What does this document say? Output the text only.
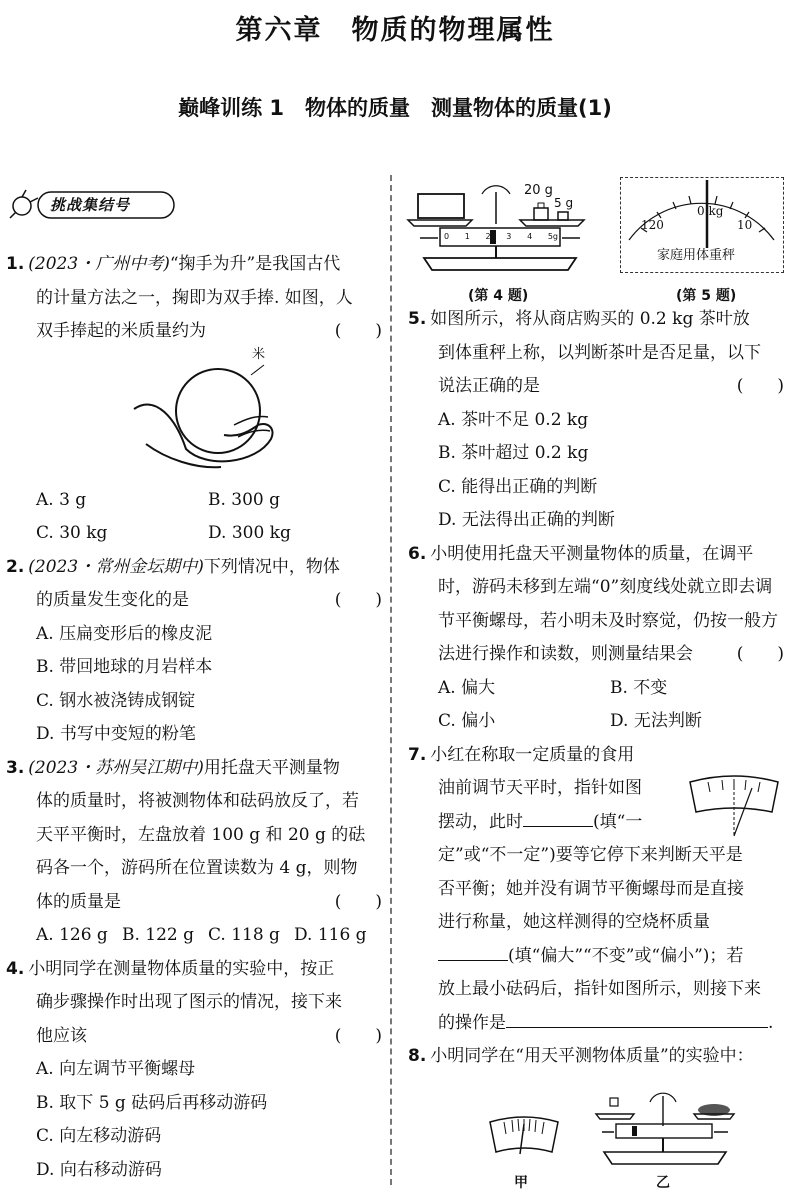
第六章　物质的物理属性
巅峰训练 1　物体的质量　测量物体的质量(1)
挑战集结号

1. (2023・广州中考)“掬手为升”是我国古代

的计量方法之一，掬即为双手捧. 如图，人

双手捧起的米质量约为	(　　)

米

A. 3 g	B. 300 g

C. 30 kg	D. 300 kg

2. (2023・常州金坛期中)下列情况中，物体

的质量发生变化的是	(　　)

A. 压扁变形后的橡皮泥

B. 带回地球的月岩样本

C. 钢水被浇铸成钢锭

D. 书写中变短的粉笔

3. (2023・苏州吴江期中)用托盘天平测量物

体的质量时，将被测物体和砝码放反了，若

天平平衡时，左盘放着 100 g 和 20 g 的砝

码各一个，游码所在位置读数为 4 g，则物

体的质量是	(　　)

A. 126 g B. 122 g C. 118 g D. 116 g

4. 小明同学在测量物体质量的实验中，按正

确步骤操作时出现了图示的情况，接下来

他应该	(　　)

A. 向左调节平衡螺母

B. 取下 5 g 砝码后再移动游码

C. 向左移动游码

D. 向右移动游码

20 g
5 g
0 1 2 3 4 5g
(第 4 题)
0 kg
10
120
家庭用体重秤
(第 5 题)

5. 如图所示，将从商店购买的 0.2 kg 茶叶放

到体重秤上称，以判断茶叶是否足量，以下

说法正确的是	(　　)

A. 茶叶不足 0.2 kg

B. 茶叶超过 0.2 kg

C. 能得出正确的判断

D. 无法得出正确的判断

6. 小明使用托盘天平测量物体的质量，在调平

时，游码未移到左端“0”刻度线处就立即去调

节平衡螺母，若小明未及时察觉，仍按一般方

法进行操作和读数，则测量结果会	(　　)

A. 偏大	B. 不变

C. 偏小	D. 无法判断

7. 小红在称取一定质量的食用

油前调节天平时，指针如图

摆动，此时	(填“一

定”或“不一定”)要等它停下来判断天平是

否平衡；她并没有调节平衡螺母而是直接

进行称量，她这样测得的空烧杯质量

(填“偏大”“不变”或“偏小”)；若

放上最小砝码后，指针如图所示，则接下来

的操作是	.

8. 小明同学在“用天平测物体质量”的实验中：

甲	乙
